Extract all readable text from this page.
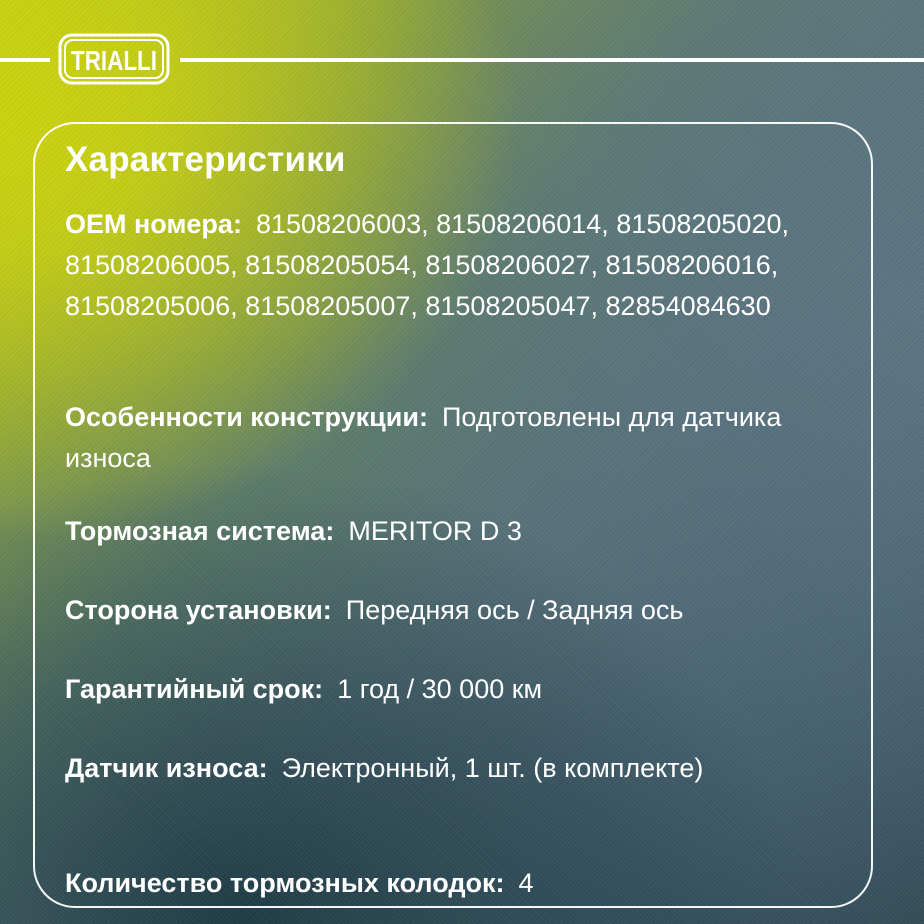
TRIALLI
Характеристики
OEM номера: 81508206003, 81508206014, 81508205020, 81508206005, 81508205054, 81508206027, 81508206016, 81508205006, 81508205007, 81508205047, 82854084630
Особенности конструкции: Подготовлены для датчика износа
Тормозная система: MERITOR D 3
Сторона установки: Передняя ось / Задняя ось
Гарантийный срок: 1 год / 30 000 км
Датчик износа: Электронный, 1 шт. (в комплекте)
Количество тормозных колодок: 4
